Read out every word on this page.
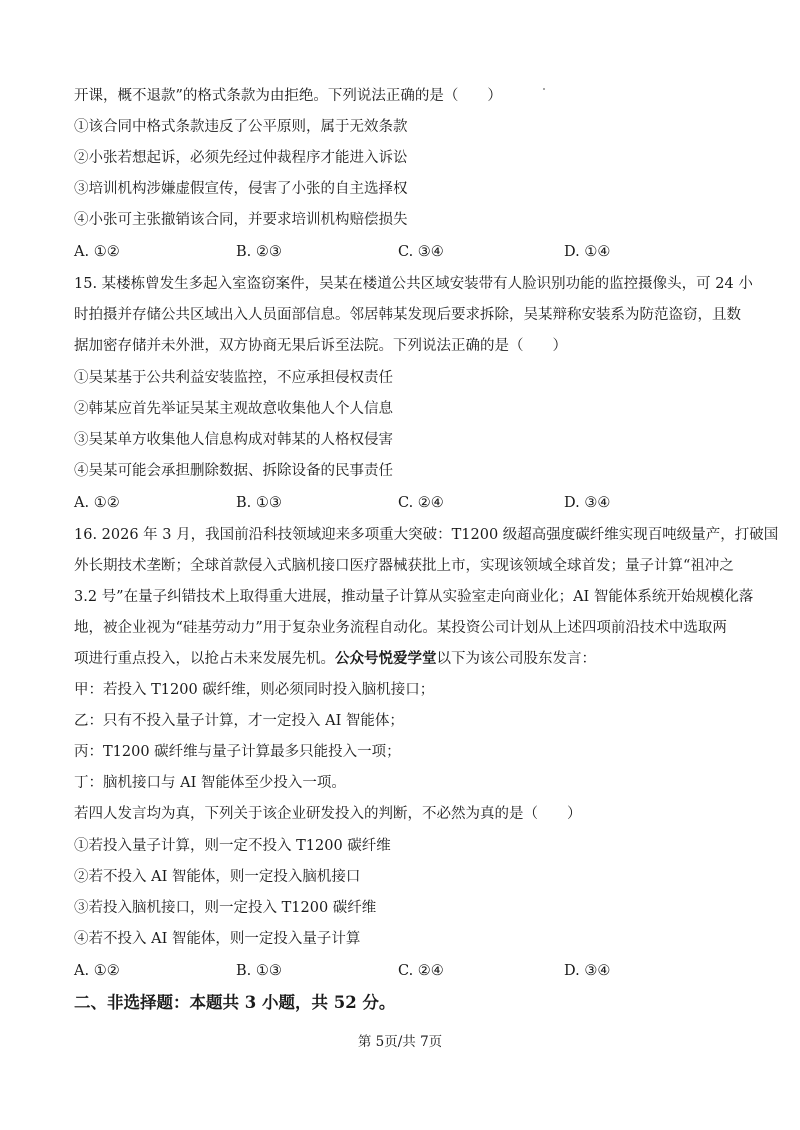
开课，概不退款”的格式条款为由拒绝。下列说法正确的是（　　）
①该合同中格式条款违反了公平原则，属于无效条款
②小张若想起诉，必须先经过仲裁程序才能进入诉讼
③培训机构涉嫌虚假宣传，侵害了小张的自主选择权
④小张可主张撤销该合同，并要求培训机构赔偿损失
A. ①②	B. ②③	C. ③④	D. ①④
15. 某楼栋曾发生多起入室盗窃案件，吴某在楼道公共区域安装带有人脸识别功能的监控摄像头，可 24 小
时拍摄并存储公共区域出入人员面部信息。邻居韩某发现后要求拆除，吴某辩称安装系为防范盗窃，且数
据加密存储并未外泄，双方协商无果后诉至法院。下列说法正确的是（　　）
①吴某基于公共利益安装监控，不应承担侵权责任
②韩某应首先举证吴某主观故意收集他人个人信息
③吴某单方收集他人信息构成对韩某的人格权侵害
④吴某可能会承担删除数据、拆除设备的民事责任
A. ①②	B. ①③	C. ②④	D. ③④
16. 2026 年 3 月，我国前沿科技领域迎来多项重大突破：T1200 级超高强度碳纤维实现百吨级量产，打破国
外长期技术垄断；全球首款侵入式脑机接口医疗器械获批上市，实现该领域全球首发；量子计算“祖冲之
3.2 号”在量子纠错技术上取得重大进展，推动量子计算从实验室走向商业化；AI 智能体系统开始规模化落
地，被企业视为“硅基劳动力”用于复杂业务流程自动化。某投资公司计划从上述四项前沿技术中选取两
项进行重点投入，以抢占未来发展先机。公众号悦爱学堂以下为该公司股东发言：
甲：若投入 T1200 碳纤维，则必须同时投入脑机接口；
乙：只有不投入量子计算，才一定投入 AI 智能体；
丙：T1200 碳纤维与量子计算最多只能投入一项；
丁：脑机接口与 AI 智能体至少投入一项。
若四人发言均为真，下列关于该企业研发投入的判断，不必然为真的是（　　）
①若投入量子计算，则一定不投入 T1200 碳纤维
②若不投入 AI 智能体，则一定投入脑机接口
③若投入脑机接口，则一定投入 T1200 碳纤维
④若不投入 AI 智能体，则一定投入量子计算
A. ①②	B. ①③	C. ②④	D. ③④
二、非选择题：本题共 3 小题，共 52 分。
第 5页/共 7页
